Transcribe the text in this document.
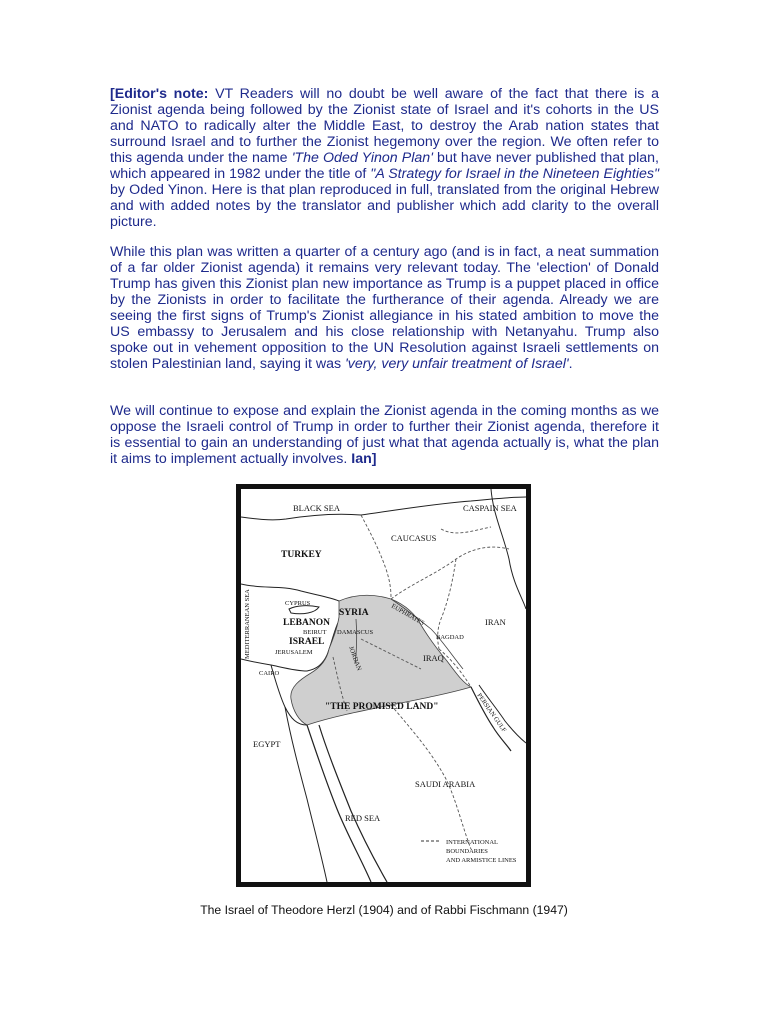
[Editor's note: VT Readers will no doubt be well aware of the fact that there is a Zionist agenda being followed by the Zionist state of Israel and it's cohorts in the US and NATO to radically alter the Middle East, to destroy the Arab nation states that surround Israel and to further the Zionist hegemony over the region. We often refer to this agenda under the name 'The Oded Yinon Plan' but have never published that plan, which appeared in 1982 under the title of "A Strategy for Israel in the Nineteen Eighties" by Oded Yinon. Here is that plan reproduced in full, translated from the original Hebrew and with added notes by the translator and publisher which add clarity to the overall picture.

While this plan was written a quarter of a century ago (and is in fact, a neat summation of a far older Zionist agenda) it remains very relevant today. The 'election' of Donald Trump has given this Zionist plan new importance as Trump is a puppet placed in office by the Zionists in order to facilitate the furtherance of their agenda. Already we are seeing the first signs of Trump's Zionist allegiance in his stated ambition to move the US embassy to Jerusalem and his close relationship with Netanyahu. Trump also spoke out in vehement opposition to the UN Resolution against Israeli settlements on stolen Palestinian land, saying it was 'very, very unfair treatment of Israel'.

We will continue to expose and explain the Zionist agenda in the coming months as we oppose the Israeli control of Trump in order to further their Zionist agenda, therefore it is essential to gain an understanding of just what that agenda actually is, what the plan it aims to implement actually involves. Ian]

BLACK SEA	CASPAIN SEA
CAUCASUS
TURKEY
MEDITERRANEAN SEA	CYPRUS
SYRIA
LEBANON
BEIRUT DAMASCUS
ISRAEL
JERUSALEM
EUPHRATES
BAGDAD
IRAN
JORDAN	IRAQ
CAIRO
"THE PROMISED LAND"	PERSIAN GULF
EGYPT
SAUDI ARABIA
RED SEA
INTERNATIONAL
BOUNDARIES
AND ARMISTICE LINES
The Israel of Theodore Herzl (1904) and of Rabbi Fischmann (1947)
